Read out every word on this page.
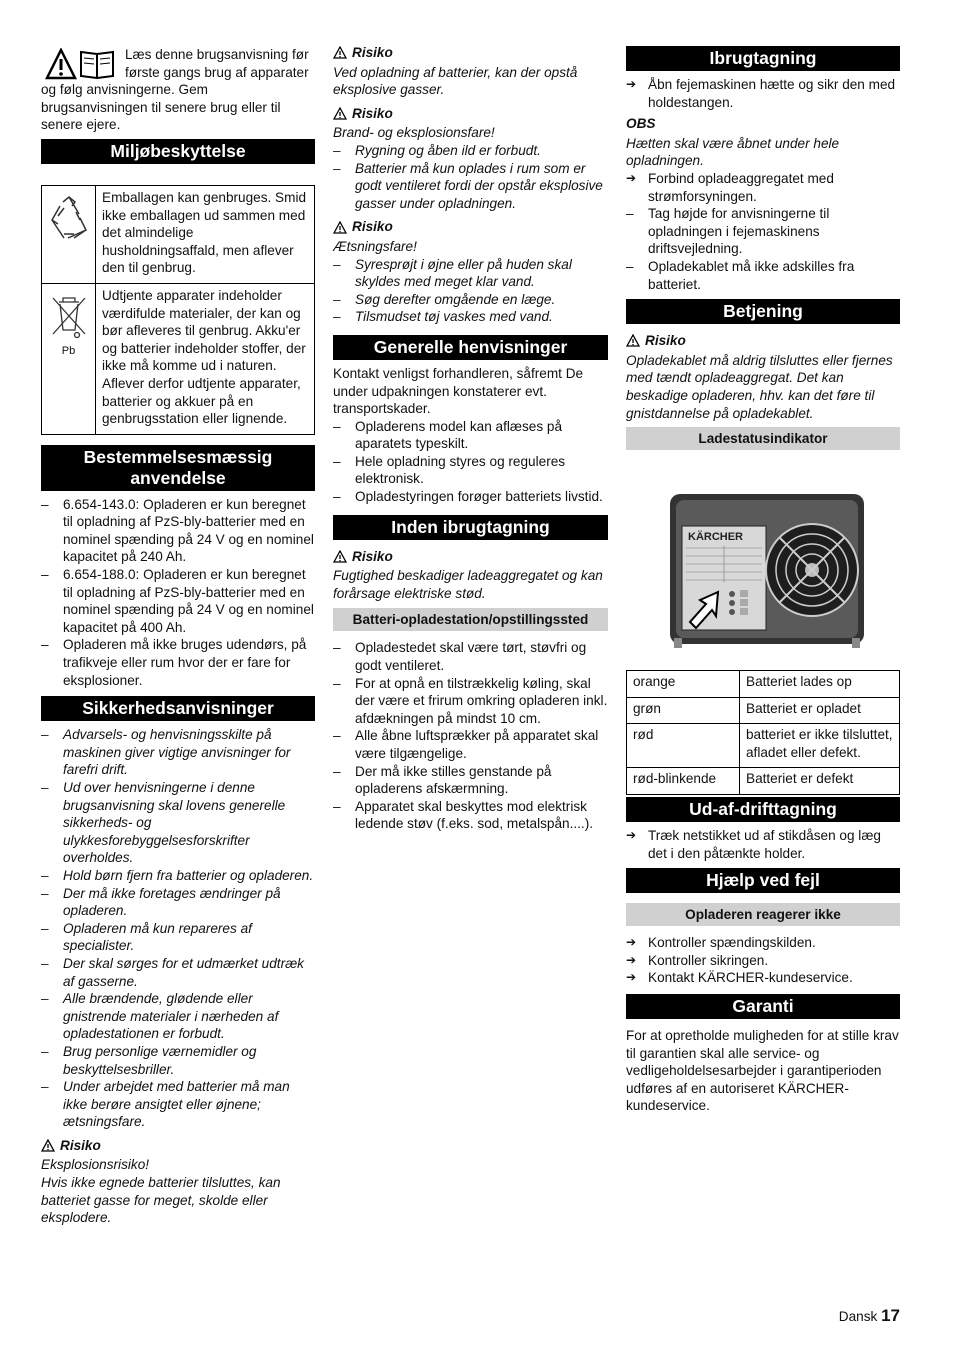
Læs denne brugsanvisning før første gangs brug af apparater og følg anvisningerne. Gem brugsanvisningen til senere brug eller til senere ejere.

Miljøbeskyttelse
	Emballagen kan genbruges. Smid ikke emballagen ud sammen med det almindelige husholdningsaffald, men aflever den til genbrug.

Pb	Udtjente apparater indeholder værdifulde materialer, der kan og bør afleveres til genbrug. Akku'er og batterier indeholder stoffer, der ikke må komme ud i naturen. Aflever derfor udtjente apparater, batterier og akkuer på en genbrugsstation eller lignende.
Bestemmelsesmæssig anvendelse
– 6.654-143.0: Opladeren er kun beregnet til opladning af PzS-bly-batterier med en nominel spænding på 24 V og en nominel kapacitet på 240 Ah.
– 6.654-188.0: Opladeren er kun beregnet til opladning af PzS-bly-batterier med en nominel spænding på 24 V og en nominel kapacitet på 400 Ah.
– Opladeren må ikke bruges udendørs, på trafikveje eller rum hvor der er fare for eksplosioner.
Sikkerhedsanvisninger
– Advarsels- og henvisningsskilte på maskinen giver vigtige anvisninger for farefri drift.
– Ud over henvisningerne i denne brugsanvisning skal lovens generelle sikkerheds- og ulykkesforebyggelsesforskrifter overholdes.
– Hold børn fjern fra batterier og opladeren.
– Der må ikke foretages ændringer på opladeren.
– Opladeren må kun repareres af specialister.
– Der skal sørges for et udmærket udtræk af gasserne.
– Alle brændende, glødende eller gnistrende materialer i nærheden af opladestationen er forbudt.
– Brug personlige værnemidler og beskyttelsesbriller.
– Under arbejdet med batterier må man ikke berøre ansigtet eller øjnene; ætsningsfare.
Risiko

Eksplosionsrisiko!

Hvis ikke egnede batterier tilsluttes, kan batteriet gasse for meget, skolde eller eksplodere.

Risiko

Ved opladning af batterier, kan der opstå eksplosive gasser.

Risiko

Brand- og eksplosionsfare!

– Rygning og åben ild er forbudt.
– Batterier må kun oplades i rum som er godt ventileret fordi der opstår eksplosive gasser under opladningen.
Risiko

Ætsningsfare!

– Syresprøjt i øjne eller på huden skal skyldes med meget klar vand.
– Søg derefter omgående en læge.
– Tilsmudset tøj vaskes med vand.
Generelle henvisninger

Kontakt venligst forhandleren, såfremt De under udpakningen konstaterer evt. transportskader.

– Opladerens model kan aflæses på aparatets typeskilt.
– Hele opladning styres og reguleres elektronisk.
– Opladestyringen forøger batteriets livstid.
Inden ibrugtagning
Risiko

Fugtighed beskadiger ladeaggregatet og kan forårsage elektriske stød.

Batteri-opladestation/opstillingssted
– Opladestedet skal være tørt, støvfri og godt ventileret.
– For at opnå en tilstrækkelig køling, skal der være et frirum omkring opladeren inkl. afdækningen på mindst 10 cm.
– Alle åbne luftsprækker på apparatet skal være tilgængelige.
– Der må ikke stilles genstande på opladerens afskærmning.
– Apparatet skal beskyttes mod elektrisk ledende støv (f.eks. sod, metalspån....).
Ibrugtagning
➔ Åbn fejemaskinen hætte og sikr den med holdestangen.

OBS

Hætten skal være åbnet under hele opladningen.

➔ Forbind opladeaggregatet med strømforsyningen.
– Tag højde for anvisningerne til opladningen i fejemaskinens driftsvejledning.
– Opladekablet må ikke adskilles fra batteriet.
Betjening
Risiko

Opladekablet må aldrig tilsluttes eller fjernes med tændt opladeaggregat. Det kan beskadige opladeren, hhv. kan det føre til gnistdannelse på opladekablet.

Ladestatusindikator
KÄRCHER
orange	Batteriet lades op
grøn	Batteriet er opladet
rød	batteriet er ikke tilsluttet, afladet eller defekt.
rød-blinkende	Batteriet er defekt
Ud-af-drifttagning
➔ Træk netstikket ud af stikdåsen og læg det i den påtænkte holder.
Hjælp ved fejl
Opladeren reagerer ikke
➔ Kontroller spændingskilden.
➔ Kontroller sikringen.
➔ Kontakt KÄRCHER-kundeservice.
Garanti

For at opretholde muligheden for at stille krav til garantien skal alle service- og vedligeholdelsesarbejder i garantiperioden udføres af en autoriseret KÄRCHER-kundeservice.

Dansk 17
